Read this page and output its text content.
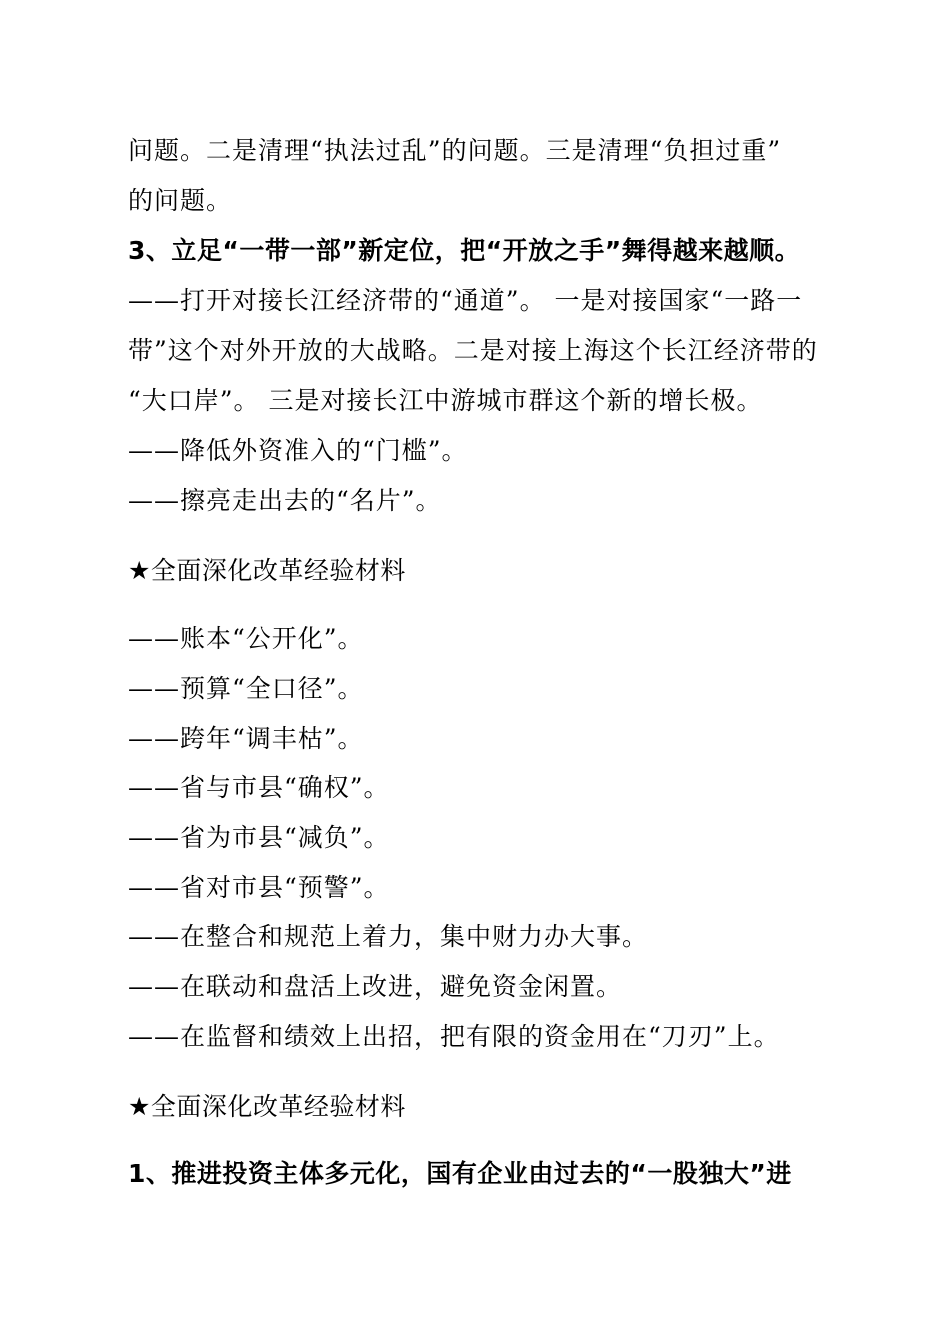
问题。二是清理“执法过乱”的问题。三是清理“负担过重”
的问题。
3、立足“一带一部”新定位，把“开放之手”舞得越来越顺。
——打开对接长江经济带的“通道”。 一是对接国家“一路一
带”这个对外开放的大战略。二是对接上海这个长江经济带的
“大口岸”。 三是对接长江中游城市群这个新的增长极。
——降低外资准入的“门槛”。
——擦亮走出去的“名片”。
★全面深化改革经验材料
——账本“公开化”。
——预算“全口径”。
——跨年“调丰枯”。
——省与市县“确权”。
——省为市县“减负”。
——省对市县“预警”。
——在整合和规范上着力，集中财力办大事。
——在联动和盘活上改进，避免资金闲置。
——在监督和绩效上出招，把有限的资金用在“刀刃”上。
★全面深化改革经验材料
1、推进投资主体多元化，国有企业由过去的“一股独大”进
